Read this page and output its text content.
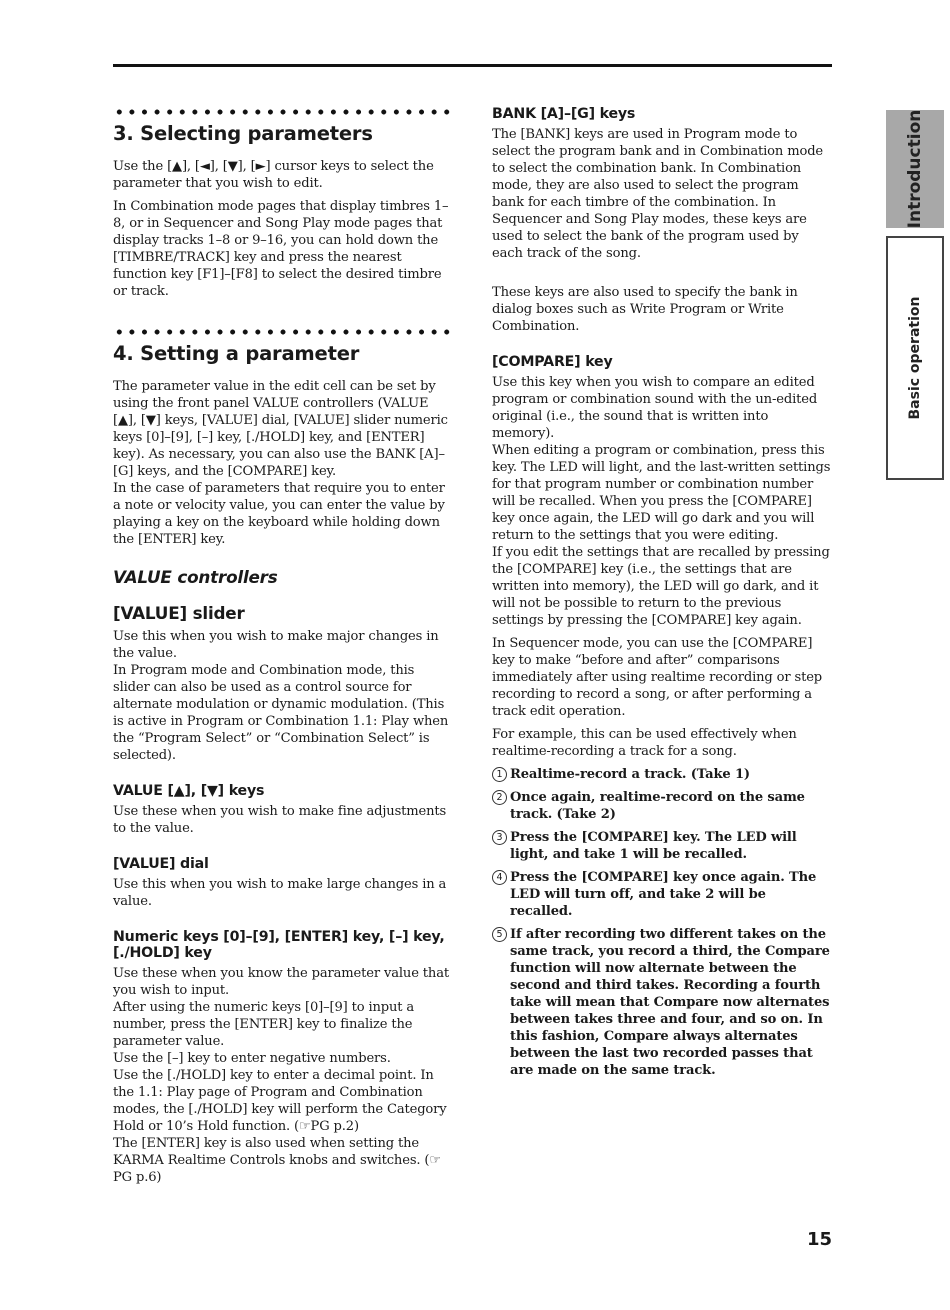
3. Selecting parameters

Use the [▲], [◄], [▼], [►] cursor keys to select the parameter that you wish to edit.

In Combination mode pages that display timbres 1–8, or in Sequencer and Song Play mode pages that display tracks 1–8 or 9–16, you can hold down the [TIMBRE/TRACK] key and press the nearest function key [F1]–[F8] to select the desired timbre or track.

4. Setting a parameter

The parameter value in the edit cell can be set by using the front panel VALUE controllers (VALUE [▲], [▼] keys, [VALUE] dial, [VALUE] slider numeric keys [0]–[9], [–] key, [./HOLD] key, and [ENTER] key). As necessary, you can also use the BANK [A]–[G] keys, and the [COMPARE] key.

In the case of parameters that require you to enter a note or velocity value, you can enter the value by playing a key on the keyboard while holding down the [ENTER] key.

VALUE controllers
[VALUE] slider

Use this when you wish to make major changes in the value.

In Program mode and Combination mode, this slider can also be used as a control source for alternate modulation or dynamic modulation. (This is active in Program or Combination 1.1: Play when the “Program Select” or “Combination Select” is selected).

VALUE [▲], [▼] keys

Use these when you wish to make fine adjustments to the value.

[VALUE] dial

Use this when you wish to make large changes in a value.

Numeric keys [0]–[9], [ENTER] key, [–] key, [./HOLD] key

Use these when you know the parameter value that you wish to input.

After using the numeric keys [0]–[9] to input a number, press the [ENTER] key to finalize the parameter value.

Use the [–] key to enter negative numbers.

Use the [./HOLD] key to enter a decimal point. In the 1.1: Play page of Program and Combination modes, the [./HOLD] key will perform the Category Hold or 10’s Hold function. (☞PG p.2)

The [ENTER] key is also used when setting the KARMA Realtime Controls knobs and switches. (☞PG p.6)

BANK [A]–[G] keys

The [BANK] keys are used in Program mode to select the program bank and in Combination mode to select the combination bank. In Combination mode, they are also used to select the program bank for each timbre of the combination. In Sequencer and Song Play modes, these keys are used to select the bank of the program used by each track of the song.

These keys are also used to specify the bank in dialog boxes such as Write Program or Write Combination.

[COMPARE] key

Use this key when you wish to compare an edited program or combination sound with the un-edited original (i.e., the sound that is written into memory).

When editing a program or combination, press this key. The LED will light, and the last-written settings for that program number or combination number will be recalled. When you press the [COMPARE] key once again, the LED will go dark and you will return to the settings that you were editing.

If you edit the settings that are recalled by pressing the [COMPARE] key (i.e., the settings that are written into memory), the LED will go dark, and it will not be possible to return to the previous settings by pressing the [COMPARE] key again.

In Sequencer mode, you can use the [COMPARE] key to make “before and after” comparisons immediately after using realtime recording or step recording to record a song, or after performing a track edit operation.

For example, this can be used effectively when realtime-recording a track for a song.

1 Realtime-record a track. (Take 1)
2 Once again, realtime-record on the same track. (Take 2)
3 Press the [COMPARE] key. The LED will light, and take 1 will be recalled.
4 Press the [COMPARE] key once again. The LED will turn off, and take 2 will be recalled.
5 If after recording two different takes on the same track, you record a third, the Compare function will now alternate between the second and third takes. Recording a fourth take will mean that Compare now alternates between takes three and four, and so on. In this fashion, Compare always alternates between the last two recorded passes that are made on the same track.
Introduction
Basic operation
15
